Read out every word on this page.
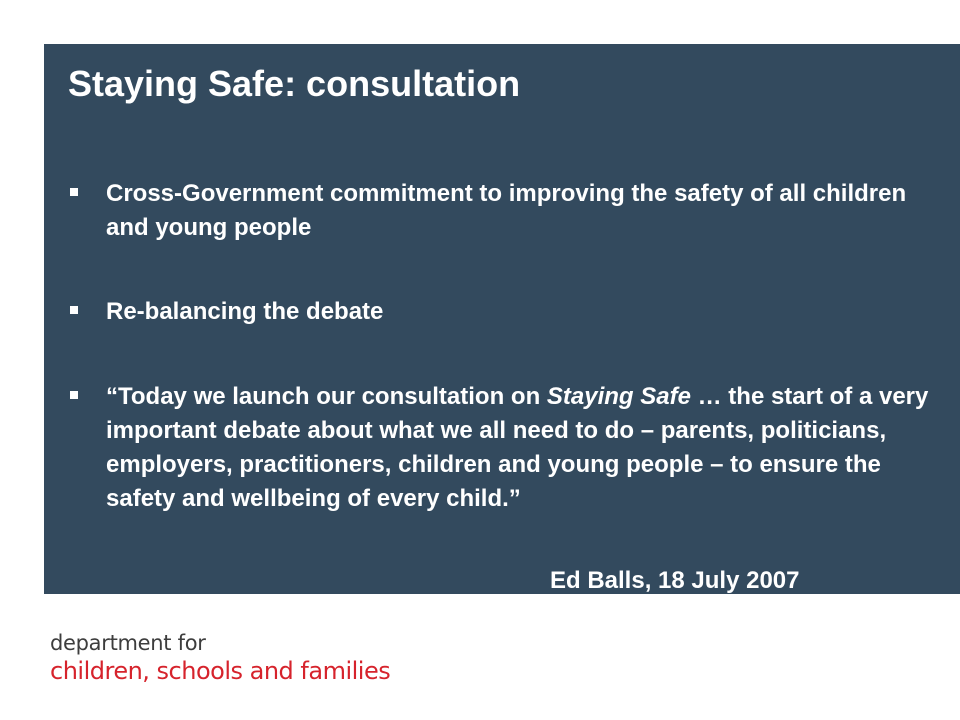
Staying Safe: consultation
Cross-Government commitment to improving the safety of all children and young people
Re-balancing the debate
“Today we launch our consultation on Staying Safe … the start of a very important debate about what we all need to do – parents, politicians, employers, practitioners, children and young people – to ensure the safety and wellbeing of every child.”
Ed Balls, 18 July 2007
department for
children, schools and families
